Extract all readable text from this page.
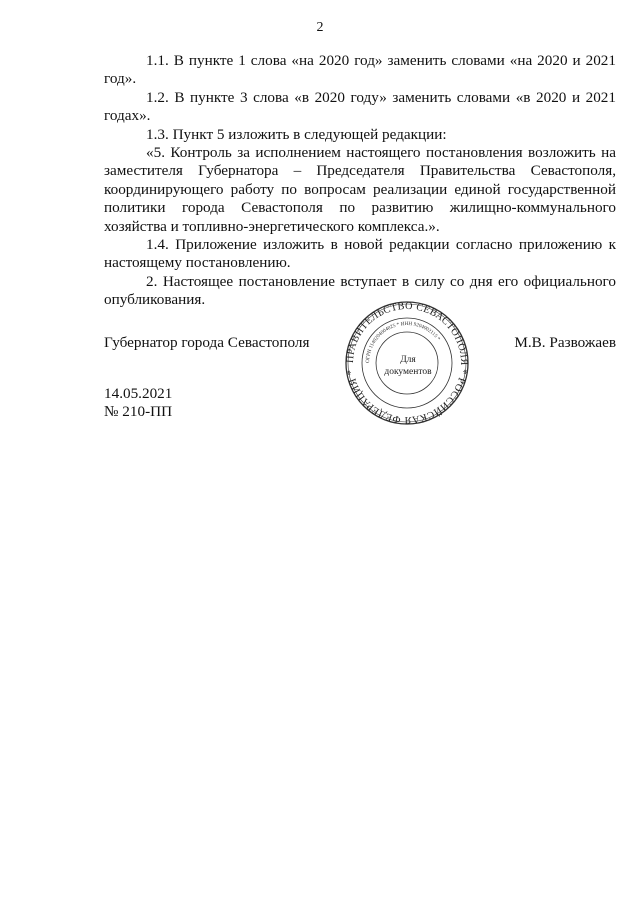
2

1.1. В пункте 1 слова «на 2020 год» заменить словами «на 2020 и 2021 год».

1.2. В пункте 3 слова «в 2020 году» заменить словами «в 2020 и 2021 годах».

1.3. Пункт 5 изложить в следующей редакции:

«5. Контроль за исполнением настоящего постановления возложить на заместителя Губернатора – Председателя Правительства Севастополя, координирующего работу по вопросам реализации единой государственной политики города Севастополя по развитию жилищно-коммунального хозяйства и топливно-энергетического комплекса.».

1.4. Приложение изложить в новой редакции согласно приложению к настоящему постановлению.

2. Настоящее постановление вступает в силу со дня его официального опубликования.

Губернатор города Севастополя
ПРАВИТЕЛЬСТВО СЕВАСТОПОЛЯ * РОССИЙСКАЯ ФЕДЕРАЦИЯ *
ОГРН 1149204004025 * ИНН 9204002115 *
Для
документов
М.В. Развожаев
14.05.2021
№ 210-ПП
